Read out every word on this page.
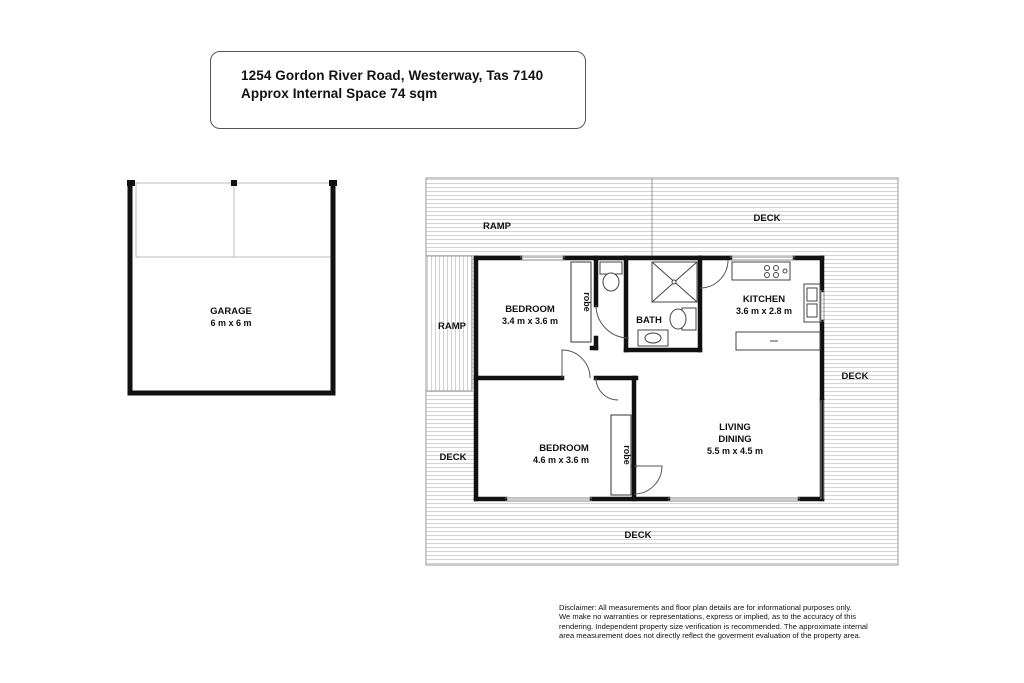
1254 Gordon River Road, Westerway, Tas 7140
Approx Internal Space 74 sqm
GARAGE
6 m x 6 m
robe
robe
BEDROOM
3.4 m x 3.6 m	BATH
KITCHEN
3.6 m x 2.8 m
BEDROOM
4.6 m x 3.6 m
LIVING
DINING
5.5 m x 4.5 m
RAMP
RAMP
DECK
DECK
DECK
DECK
Disclaimer: All measurements and floor plan details are for informational purposes only.
We make no warranties or representations, express or implied, as to the accuracy of this
rendering. Independent property size verification is recommended. The approximate internal
area measurement does not directly reflect the goverment evaluation of the property area.
